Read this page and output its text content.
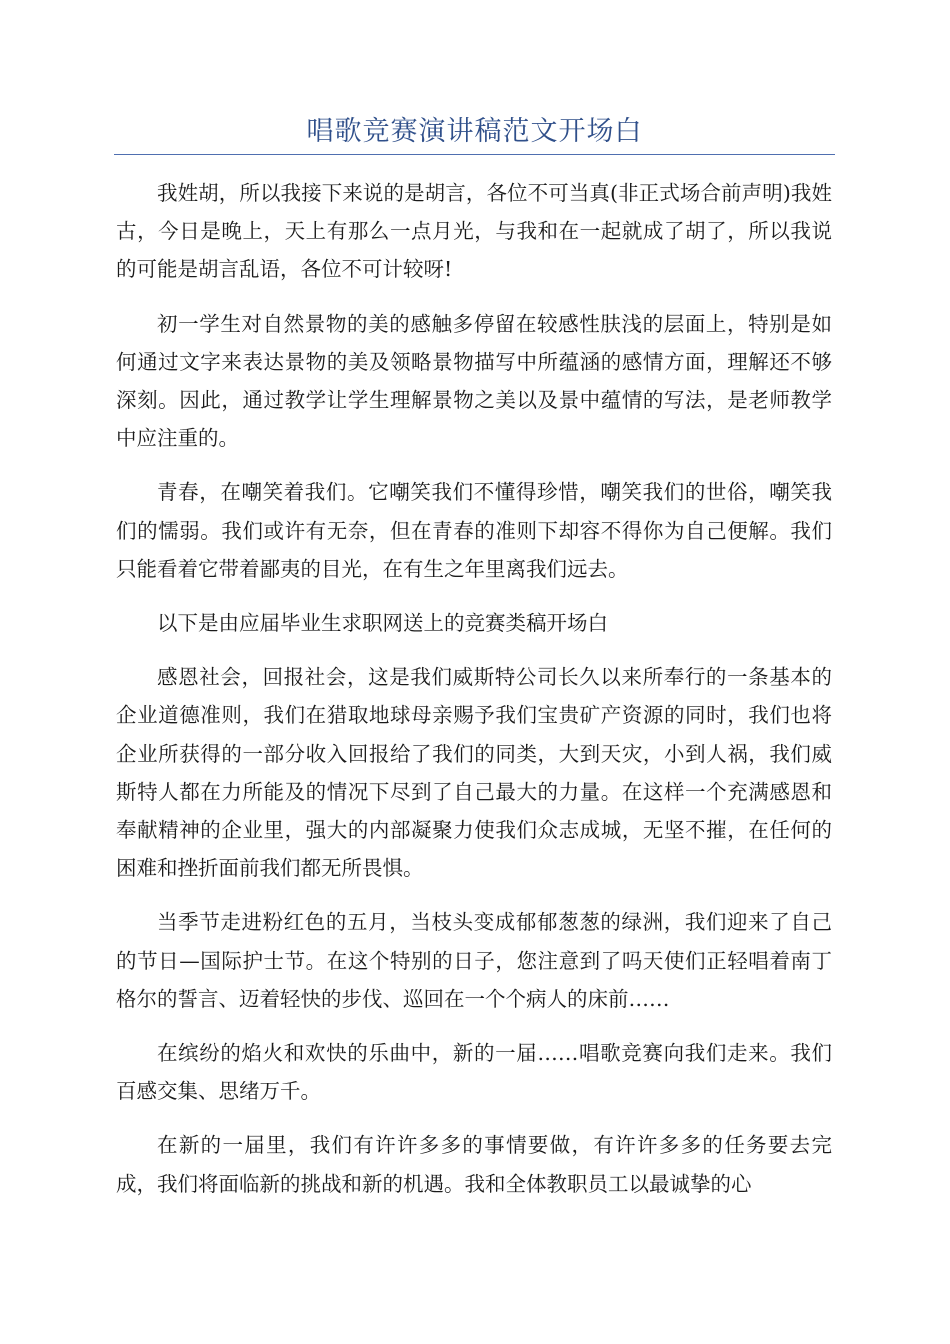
唱歌竞赛演讲稿范文开场白

我姓胡，所以我接下来说的是胡言，各位不可当真(非正式场合前声明)我姓古，今日是晚上，天上有那么一点月光，与我和在一起就成了胡了，所以我说的可能是胡言乱语，各位不可计较呀!

初一学生对自然景物的美的感触多停留在较感性肤浅的层面上，特别是如何通过文字来表达景物的美及领略景物描写中所蕴涵的感情方面，理解还不够深刻。因此，通过教学让学生理解景物之美以及景中蕴情的写法，是老师教学中应注重的。

青春，在嘲笑着我们。它嘲笑我们不懂得珍惜，嘲笑我们的世俗，嘲笑我们的懦弱。我们或许有无奈，但在青春的准则下却容不得你为自己便解。我们只能看着它带着鄙夷的目光，在有生之年里离我们远去。

以下是由应届毕业生求职网送上的竞赛类稿开场白

感恩社会，回报社会，这是我们威斯特公司长久以来所奉行的一条基本的企业道德准则，我们在猎取地球母亲赐予我们宝贵矿产资源的同时，我们也将企业所获得的一部分收入回报给了我们的同类，大到天灾，小到人祸，我们威斯特人都在力所能及的情况下尽到了自己最大的力量。在这样一个充满感恩和奉献精神的企业里，强大的内部凝聚力使我们众志成城，无坚不摧，在任何的困难和挫折面前我们都无所畏惧。

当季节走进粉红色的五月，当枝头变成郁郁葱葱的绿洲，我们迎来了自己的节日—国际护士节。在这个特别的日子，您注意到了吗天使们正轻唱着南丁格尔的誓言、迈着轻快的步伐、巡回在一个个病人的床前……

在缤纷的焰火和欢快的乐曲中，新的一届……唱歌竞赛向我们走来。我们百感交集、思绪万千。

在新的一届里，我们有许许多多的事情要做，有许许多多的任务要去完成，我们将面临新的挑战和新的机遇。我和全体教职员工以最诚挚的心
